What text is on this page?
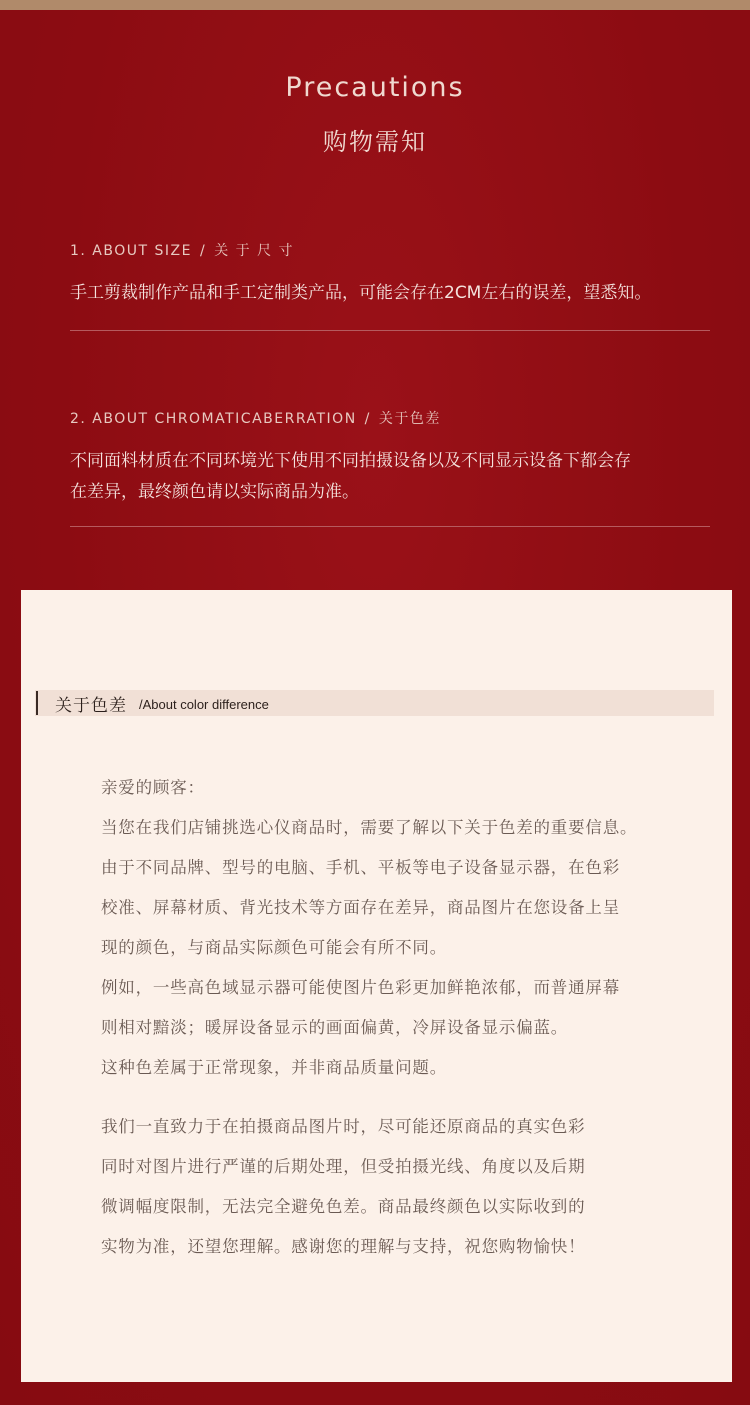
Precautions
购物需知
1. ABOUT SIZE / 关 于 尺 寸
手工剪裁制作产品和手工定制类产品，可能会存在2CM左右的误差，望悉知。
2. ABOUT CHROMATICABERRATION / 关于色差
不同面料材质在不同环境光下使用不同拍摄设备以及不同显示设备下都会存
在差异，最终颜色请以实际商品为准。
关于色差 /About color difference
亲爱的顾客：
当您在我们店铺挑选心仪商品时，需要了解以下关于色差的重要信息。
由于不同品牌、型号的电脑、手机、平板等电子设备显示器，在色彩
校准、屏幕材质、背光技术等方面存在差异，商品图片在您设备上呈
现的颜色，与商品实际颜色可能会有所不同。
例如，一些高色域显示器可能使图片色彩更加鲜艳浓郁，而普通屏幕
则相对黯淡；暖屏设备显示的画面偏黄，冷屏设备显示偏蓝。
这种色差属于正常现象，并非商品质量问题。
我们一直致力于在拍摄商品图片时，尽可能还原商品的真实色彩
同时对图片进行严谨的后期处理，但受拍摄光线、角度以及后期
微调幅度限制，无法完全避免色差。商品最终颜色以实际收到的
实物为准，还望您理解。感谢您的理解与支持，祝您购物愉快！
